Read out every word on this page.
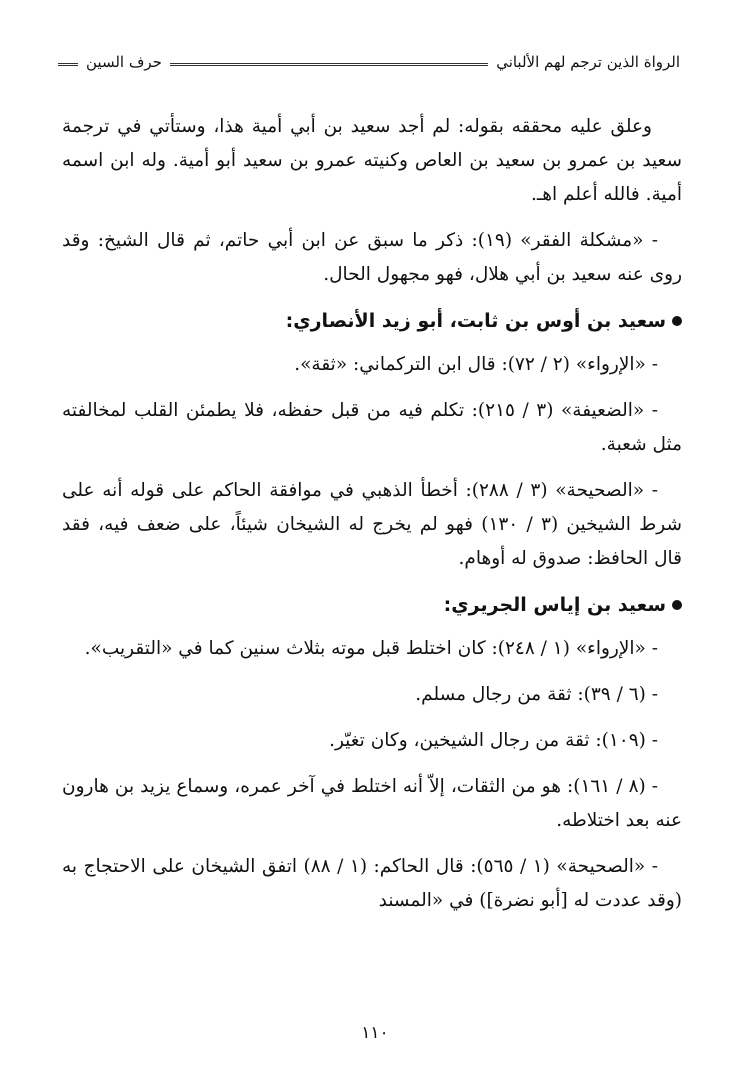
الرواة الذين ترجم لهم الألباني
حرف السين

وعلق عليه محققه بقوله: لم أجد سعيد بن أبي أمية هذا، وستأتي في ترجمة سعيد بن عمرو بن سعيد بن العاص وكنيته عمرو بن سعيد أبو أمية. وله ابن اسمه أمية. فالله أعلم اهـ.

- «مشكلة الفقر» (١٩): ذكر ما سبق عن ابن أبي حاتم، ثم قال الشيخ: وقد روى عنه سعيد بن أبي هلال، فهو مجهول الحال.

سعيد بن أوس بن ثابت، أبو زيد الأنصاري:

- «الإرواء» (٢ / ٧٢): قال ابن التركماني: «ثقة».

- «الضعيفة» (٣ / ٢١٥): تكلم فيه من قبل حفظه، فلا يطمئن القلب لمخالفته مثل شعبة.

- «الصحيحة» (٣ / ٢٨٨): أخطأ الذهبي في موافقة الحاكم على قوله أنه على شرط الشيخين (٣ / ١٣٠) فهو لم يخرج له الشيخان شيئاً، على ضعف فيه، فقد قال الحافظ: صدوق له أوهام.

سعيد بن إياس الجريري:

- «الإرواء» (١ / ٢٤٨): كان اختلط قبل موته بثلاث سنين كما في «التقريب».

- (٦ / ٣٩): ثقة من رجال مسلم.

- (١٠٩): ثقة من رجال الشيخين، وكان تغيّر.

- (٨ / ١٦١): هو من الثقات، إلاّ أنه اختلط في آخر عمره، وسماع يزيد بن هارون عنه بعد اختلاطه.

- «الصحيحة» (١ / ٥٦٥): قال الحاكم: (١ / ٨٨) اتفق الشيخان على الاحتجاج به (وقد عددت له [أبو نضرة]) في «المسند

١١٠
